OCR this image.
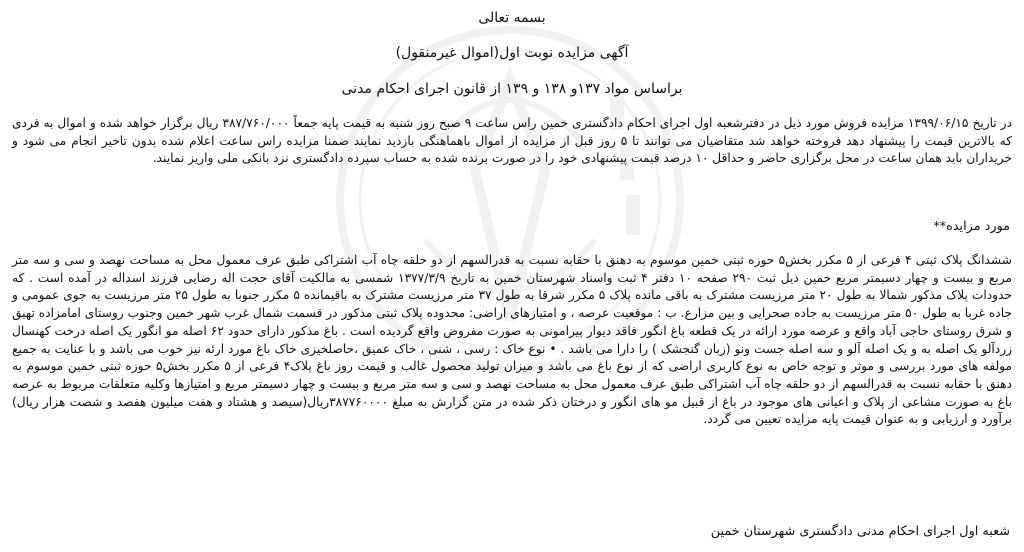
بسمه تعالی
آگهی مزایده نوبت اول(اموال غیرمنقول)
براساس مواد ۱۳۷و ۱۳۸ و ۱۳۹ از قانون اجرای احکام مدنی
در تاریخ ۱۳۹۹/۰۶/۱۵ مزایده فروش مورد ذیل در دفترشعبه اول اجرای احکام دادگستری خمین راس ساعت ۹ صبح روز شنبه به قیمت پایه جمعاً ۳۸۷/۷۶۰/۰۰۰ ریال برگزار خواهد شده و اموال به فردی که بالاترین قیمت را پیشنهاد دهد فروخته خواهد شد متقاضیان می توانند تا ۵ روز قبل از مزایده از اموال باهماهنگی بازدید نمایند ضمنا مزایده راس ساعت اعلام شده بدون تاخیر انجام می شود و خریداران باید همان ساعت در محل برگزاری حاضر و حداقل ۱۰ درصد قیمت پیشنهادی خود را در صورت برنده شده به حساب سپرده دادگستری نزد بانکی ملی واریز نمایند.
مورد مزایده**
ششدانگ پلاک ثبتی ۴ فرعی از ۵ مکرر بخش۵ حوزه ثبتی خمین موسوم به دهنق با حقابه نسبت به قدرالسهم از دو حلقه چاه آب اشتراکی طبق عرف معمول محل به مساحت نهصد و سی و سه متر مربع و بیست و چهار دسیمتر مربع خمین ذیل ثبت ۲۹۰ صفحه ۱۰ دفتر ۴ ثبت واسناد شهرستان خمین به تاریخ ۱۳۷۷/۳/۹ شمسی به مالکیت آقای حجت اله رضایی فرزند اسداله در آمده است . که حدودات پلاک مذکور شمالا به طول ۲۰ متر مرزیست مشترک به باقی مانده پلاک ۵ مکرر شرقا به طول ۳۷ متر مرزیست مشترک به باقیمانده ۵ مکرر جنوبا به طول ۲۵ متر مرزیست به جوی عمومی و جاده غربا به طول ۵۰ متر مرزیست به جاده صحرایی و بین مزارع. ب : موقعیت عرصه ، و امتیازهای اراضی: محدوده پلاک ثبتی مذکور در قسمت شمال غرب شهر خمین وجنوب روستای امامزاده تهیق و شرق روستای حاجی آباد واقع و عرصه مورد ارائه در یک قطعه باغ انگور فاقد دیوار پیرامونی به صورت مفروض واقع گردیده است . باغ مذکور دارای حدود ۶۲ اصله مو انگور یک اصله درخت کهنسال زردآلو یک اصله به و یک اصله آلو و سه اصله جست ونو (زبان گنجشک ) را دارا می باشد . • نوع خاک : رسی ، شنی ، خاک عمیق ،حاصلخیزی خاک باغ مورد ارئه نیز خوب می باشد و با عنایت به جمیع مولفه های مورد بررسی و موثر و توجه خاص به نوع کاربری اراضی که از نوع باغ می باشد و میزان تولید محصول غالب و قیمت روز باغ پلاک۴ فرعی از ۵ مکرر بخش۵ حوزه ثبتی خمین موسوم به دهنق با حقابه نسبت به قدرالسهم از دو حلقه چاه آب اشتراکی طبق عرف معمول محل به مساحت نهصد و سی و سه متر مربع و بیست و چهار دسیمتر مربع و امتیازها وکلیه متعلقات مربوط به عرصه باغ به صورت مشاعی از پلاک و اعیانی های موجود در باغ از قبیل مو های انگور و درختان ذکر شده در متن گزارش به مبلغ ۳۸۷۷۶۰۰۰۰ریال(سیصد و هشتاد و هفت میلیون هفصد و شصت هزار ریال) برآورد و ارزیابی و به عنوان قیمت پایه مزایده تعیین می گردد.
شعبه اول اجرای احکام مدنی دادگستری شهرستان خمین
